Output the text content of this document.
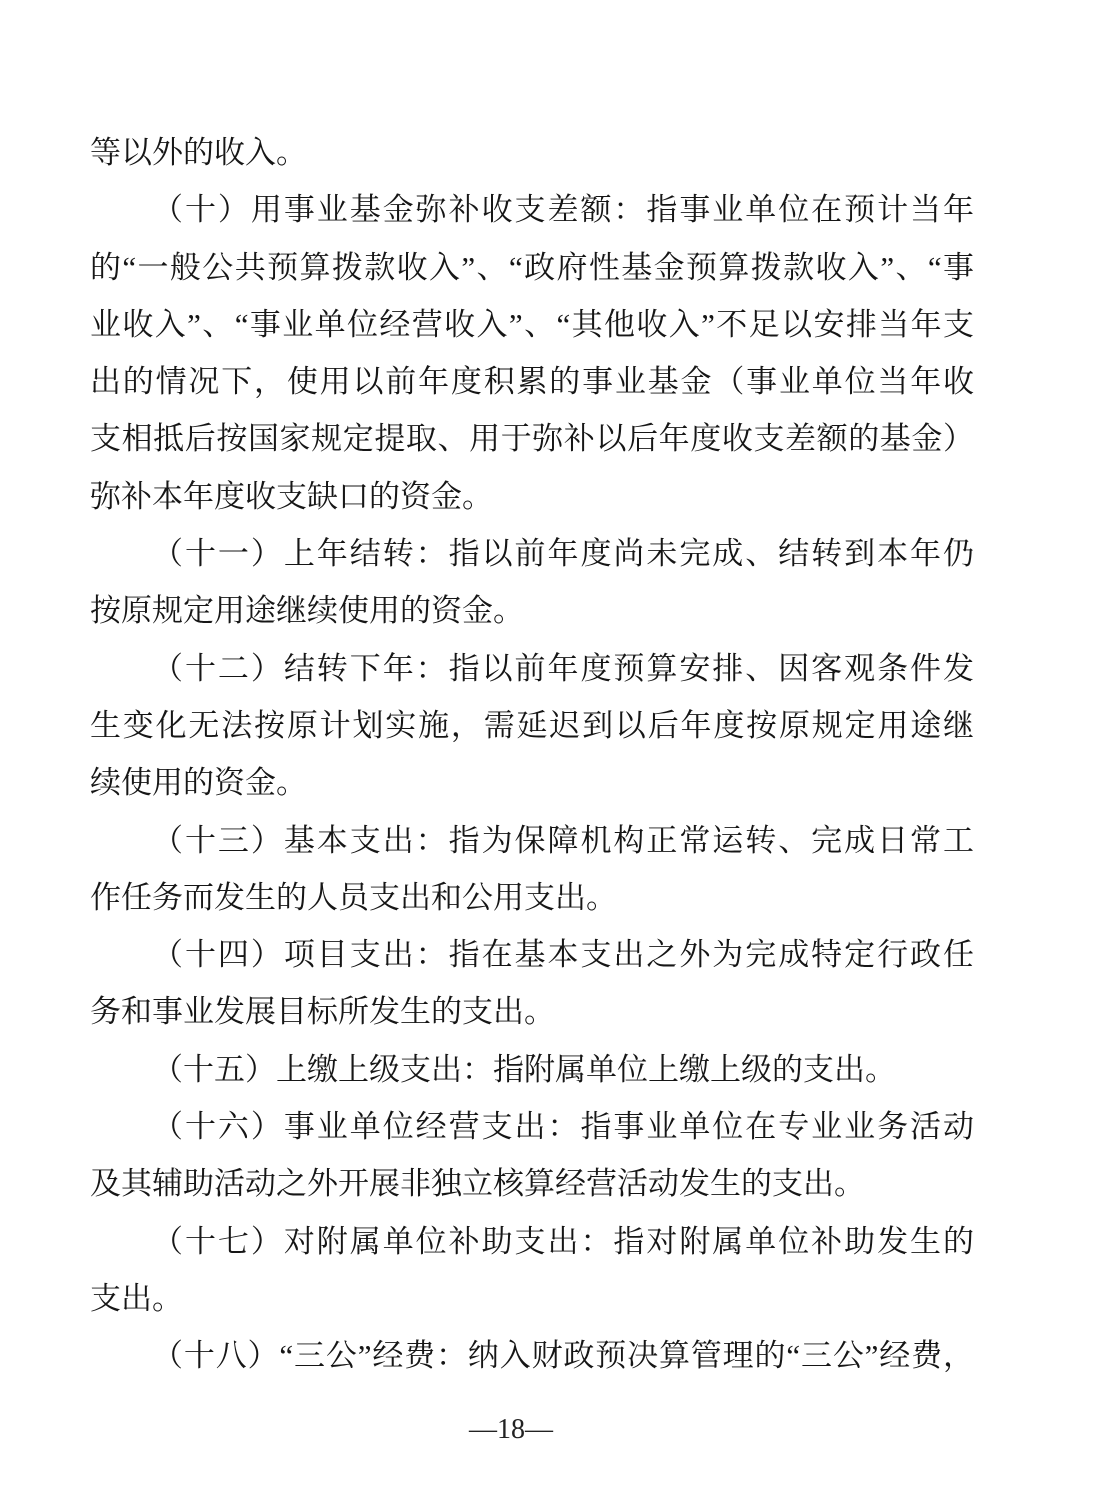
等以外的收入。
（十）用事业基金弥补收支差额：指事业单位在预计当年
的“一般公共预算拨款收入”、“政府性基金预算拨款收入”、“事
业收入”、“事业单位经营收入”、“其他收入”不足以安排当年支
出的情况下，使用以前年度积累的事业基金（事业单位当年收
支相抵后按国家规定提取、用于弥补以后年度收支差额的基金）
弥补本年度收支缺口的资金。
（十一）上年结转：指以前年度尚未完成、结转到本年仍
按原规定用途继续使用的资金。
（十二）结转下年：指以前年度预算安排、因客观条件发
生变化无法按原计划实施，需延迟到以后年度按原规定用途继
续使用的资金。
（十三）基本支出：指为保障机构正常运转、完成日常工
作任务而发生的人员支出和公用支出。
（十四）项目支出：指在基本支出之外为完成特定行政任
务和事业发展目标所发生的支出。
（十五）上缴上级支出：指附属单位上缴上级的支出。
（十六）事业单位经营支出：指事业单位在专业业务活动
及其辅助活动之外开展非独立核算经营活动发生的支出。
（十七）对附属单位补助支出：指对附属单位补助发生的
支出。
（十八）“三公”经费：纳入财政预决算管理的“三公”经费，
—18—
